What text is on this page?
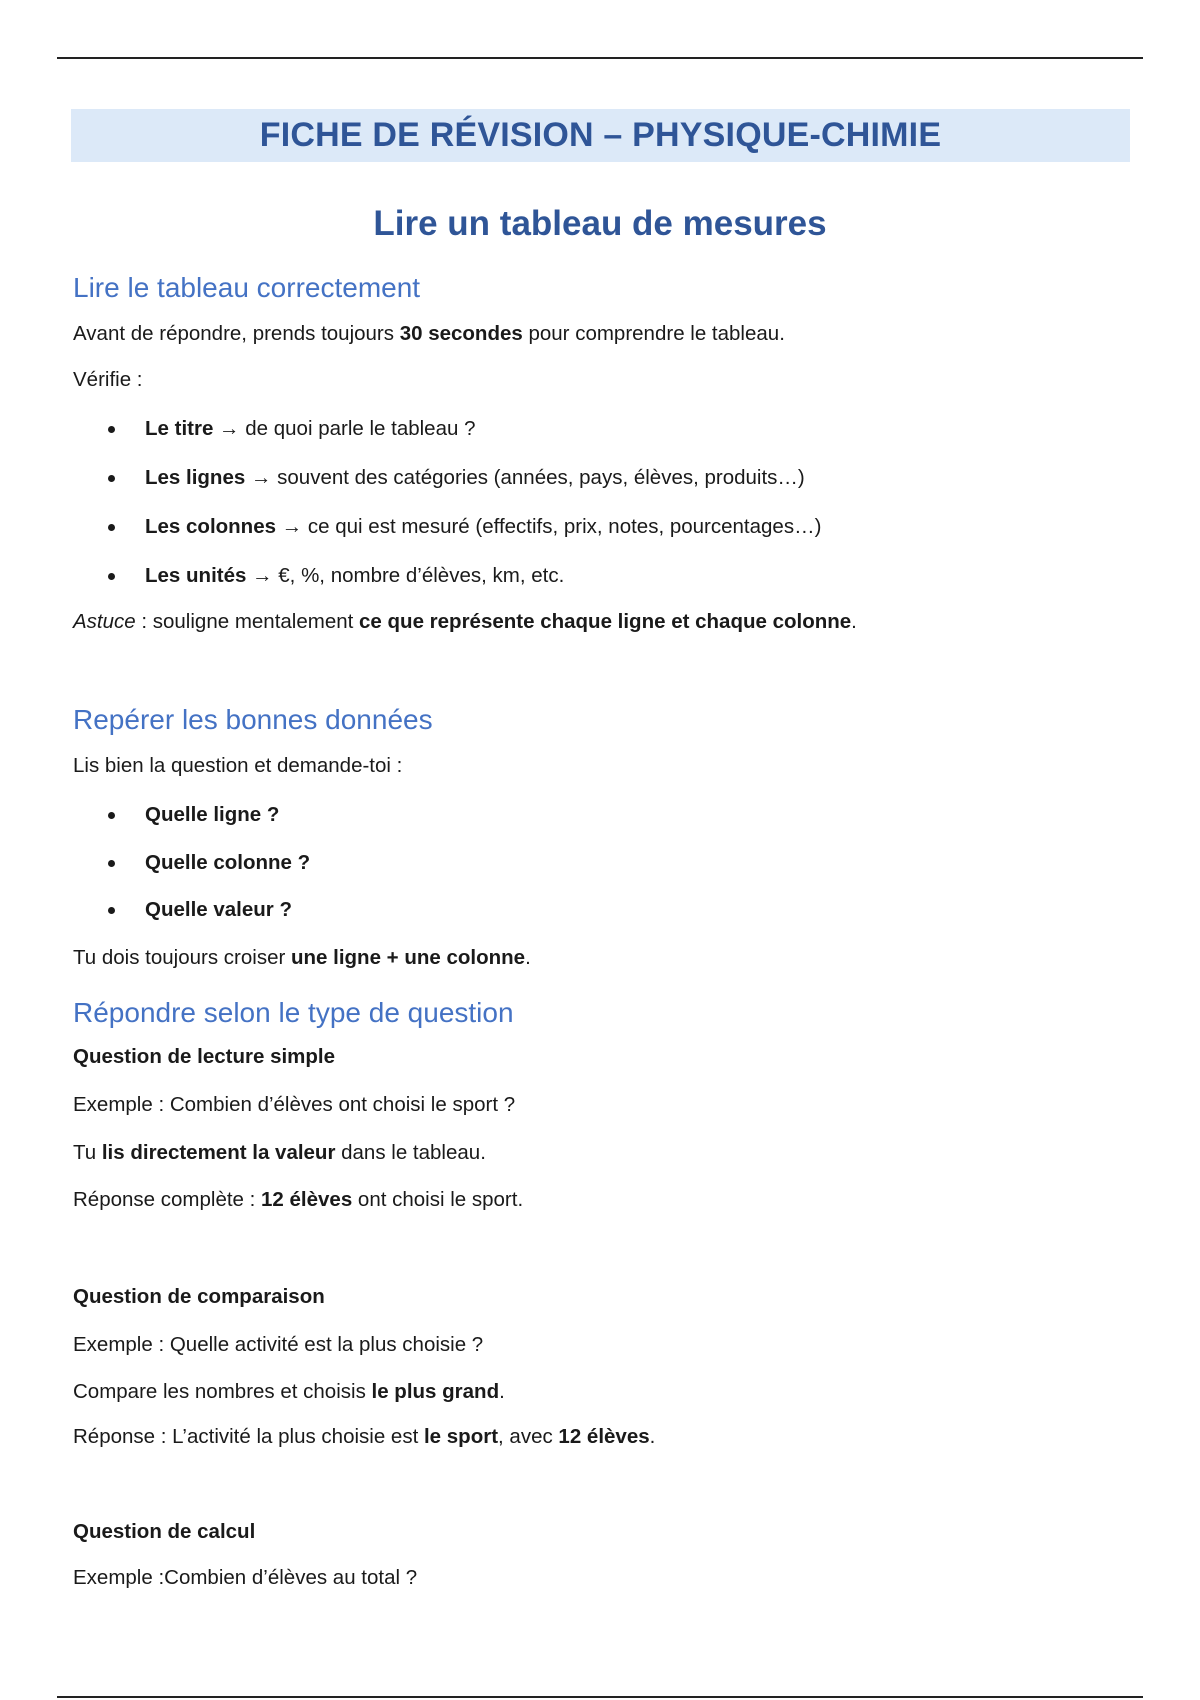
FICHE DE RÉVISION – PHYSIQUE-CHIMIE
Lire un tableau de mesures
Lire le tableau correctement
Avant de répondre, prends toujours 30 secondes pour comprendre le tableau.
Vérifie :
Le titre → de quoi parle le tableau ?
Les lignes → souvent des catégories (années, pays, élèves, produits…)
Les colonnes → ce qui est mesuré (effectifs, prix, notes, pourcentages…)
Les unités → €, %, nombre d’élèves, km, etc.
Astuce : souligne mentalement ce que représente chaque ligne et chaque colonne.
Repérer les bonnes données
Lis bien la question et demande-toi :
Quelle ligne ?
Quelle colonne ?
Quelle valeur ?
Tu dois toujours croiser une ligne + une colonne.
Répondre selon le type de question
Question de lecture simple
Exemple : Combien d’élèves ont choisi le sport ?
Tu lis directement la valeur dans le tableau.
Réponse complète : 12 élèves ont choisi le sport.
Question de comparaison
Exemple : Quelle activité est la plus choisie ?
Compare les nombres et choisis le plus grand.
Réponse : L’activité la plus choisie est le sport, avec 12 élèves.
Question de calcul
Exemple :Combien d’élèves au total ?
